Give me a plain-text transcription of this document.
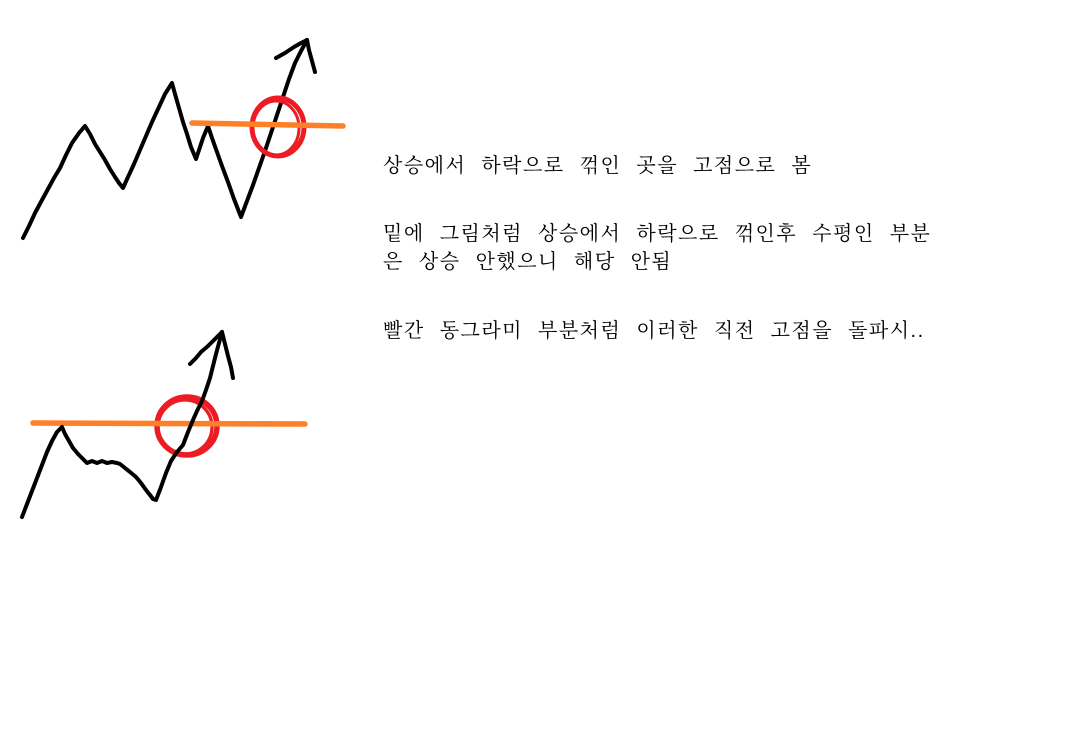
상승에서 하락으로 꺾인 곳을 고점으로 봄

밑에 그림처럼 상승에서 하락으로 꺾인후 수평인 부분
은 상승 안했으니 해당 안됨

빨간 동그라미 부분처럼 이러한 직전 고점을 돌파시..
